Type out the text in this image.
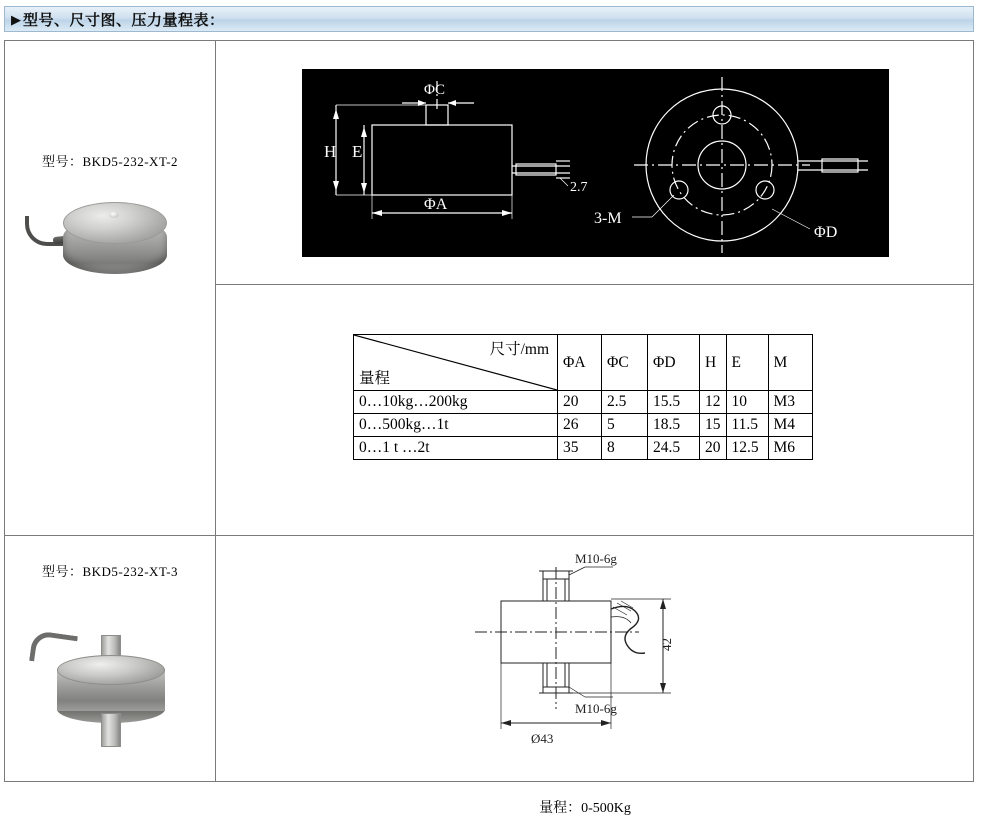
▶ 型号、尺寸图、压力量程表：
型号：BKD5-232-XT-2
ΦC
H E
ΦA
2.7
3-M
ΦD
尺寸/mm
量程	ΦA	ΦC	ΦD	H	E	M
0…10kg…200kg	20	2.5	15.5	12	10	M3
0…500kg…1t	26	5	18.5	15	11.5	M4
0…1 t …2t	35	8	24.5	20	12.5	M6
型号：BKD5-232-XT-3
M10-6g
M10-6g
42
Ø43
量程：0-500Kg
